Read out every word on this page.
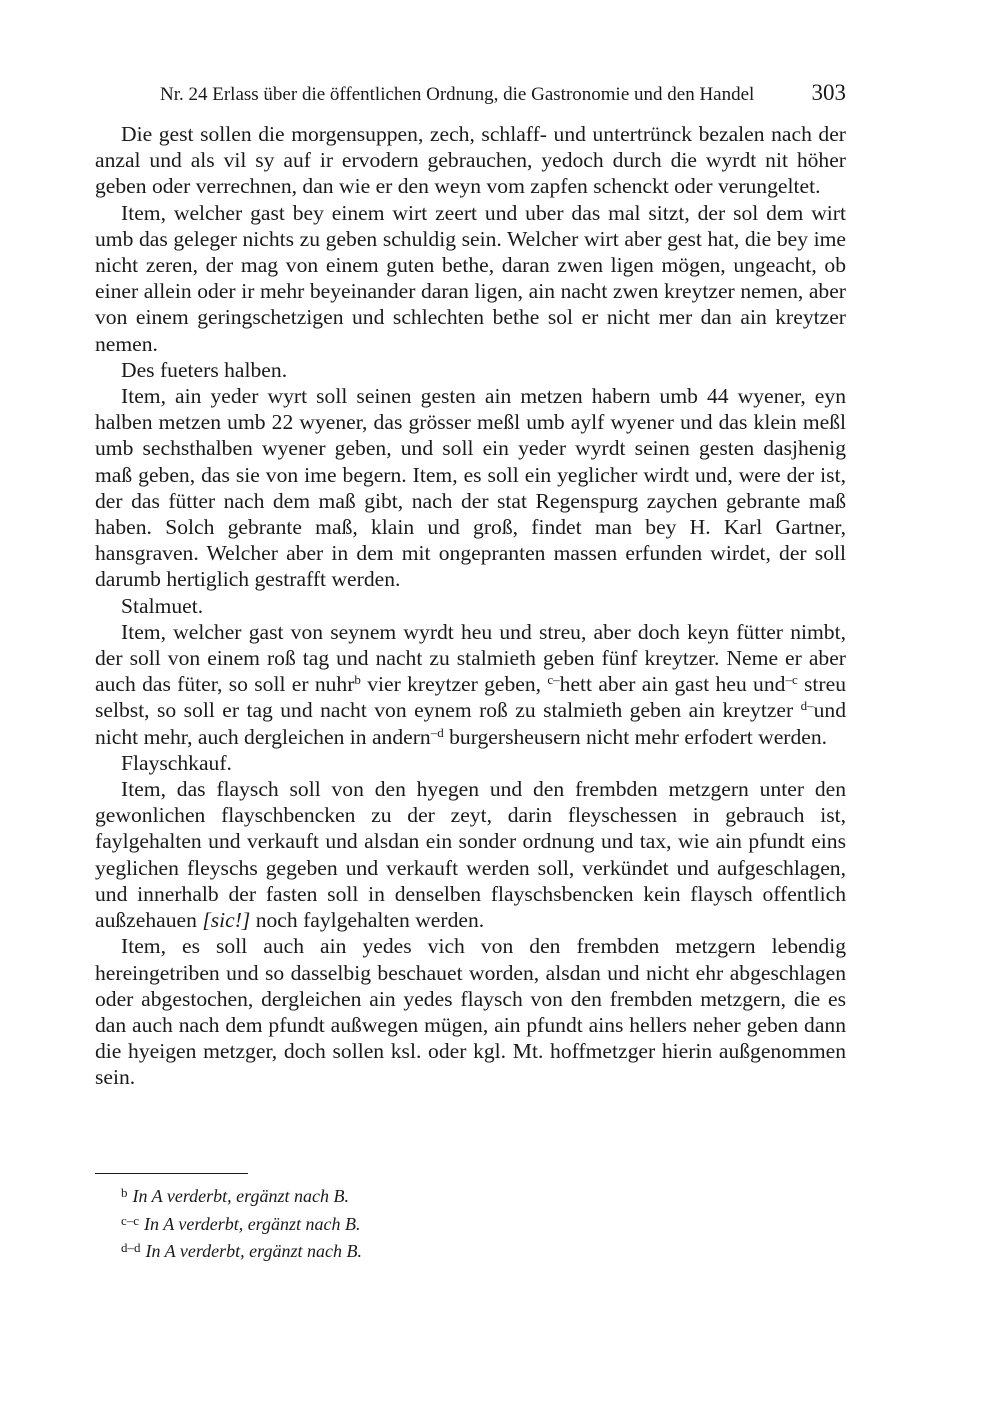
Nr. 24 Erlass über die öffentlichen Ordnung, die Gastronomie und den Handel 303

Die gest sollen die morgensuppen, zech, schlaff- und untertrünck bezalen nach der anzal und als vil sy auf ir ervodern gebrauchen, yedoch durch die wyrdt nit höher geben oder verrechnen, dan wie er den weyn vom zapfen schenckt oder verungeltet.

Item, welcher gast bey einem wirt zeert und uber das mal sitzt, der sol dem wirt umb das geleger nichts zu geben schuldig sein. Welcher wirt aber gest hat, die bey ime nicht zeren, der mag von einem guten bethe, daran zwen ligen mögen, ungeacht, ob einer allein oder ir mehr beyeinander daran ligen, ain nacht zwen kreytzer nemen, aber von einem geringschetzigen und schlechten bethe sol er nicht mer dan ain kreytzer nemen.

Des fueters halben.

Item, ain yeder wyrt soll seinen gesten ain metzen habern umb 44 wyener, eyn halben metzen umb 22 wyener, das grösser meßl umb aylf wyener und das klein meßl umb sechsthalben wyener geben, und soll ein yeder wyrdt seinen gesten dasjhenig maß geben, das sie von ime begern. Item, es soll ein yeglicher wirdt und, were der ist, der das fütter nach dem maß gibt, nach der stat Regenspurg zaychen gebrante maß haben. Solch gebrante maß, klain und groß, findet man bey H. Karl Gartner, hansgraven. Welcher aber in dem mit ongepranten massen erfunden wirdet, der soll darumb hertiglich gestrafft werden.

Stalmuet.

Item, welcher gast von seynem wyrdt heu und streu, aber doch keyn fütter nimbt, der soll von einem roß tag und nacht zu stalmieth geben fünf kreytzer. Neme er aber auch das füter, so soll er nuhr$^b$ vier kreytzer geben, $^{c-}$hett aber ain gast heu und$^{-c}$ streu selbst, so soll er tag und nacht von eynem roß zu stalmieth geben ain kreytzer $^{d-}$und nicht mehr, auch dergleichen in andern$^{-d}$ burgersheusern nicht mehr erfodert werden.

Flayschkauf.

Item, das flaysch soll von den hyegen und den frembden metzgern unter den gewonlichen flayschbencken zu der zeyt, darin fleyschessen in gebrauch ist, faylgehalten und verkauft und alsdan ein sonder ordnung und tax, wie ain pfundt eins yeglichen fleyschs gegeben und verkauft werden soll, verkündet und aufgeschlagen, und innerhalb der fasten soll in denselben flayschsbencken kein flaysch offentlich außzehauen [sic!] noch faylgehalten werden.

Item, es soll auch ain yedes vich von den frembden metzgern lebendig hereingetriben und so dasselbig beschauet worden, alsdan und nicht ehr abgeschlagen oder abgestochen, dergleichen ain yedes flaysch von den frembden metzgern, die es dan auch nach dem pfundt außwegen mügen, ain pfundt ains hellers neher geben dann die hyeigen metzger, doch sollen ksl. oder kgl. Mt. hoffmetzger hierin außgenommen sein.

$^b$ In A verderbt, ergänzt nach B.

$^{c-c}$ In A verderbt, ergänzt nach B.

$^{d-d}$ In A verderbt, ergänzt nach B.
